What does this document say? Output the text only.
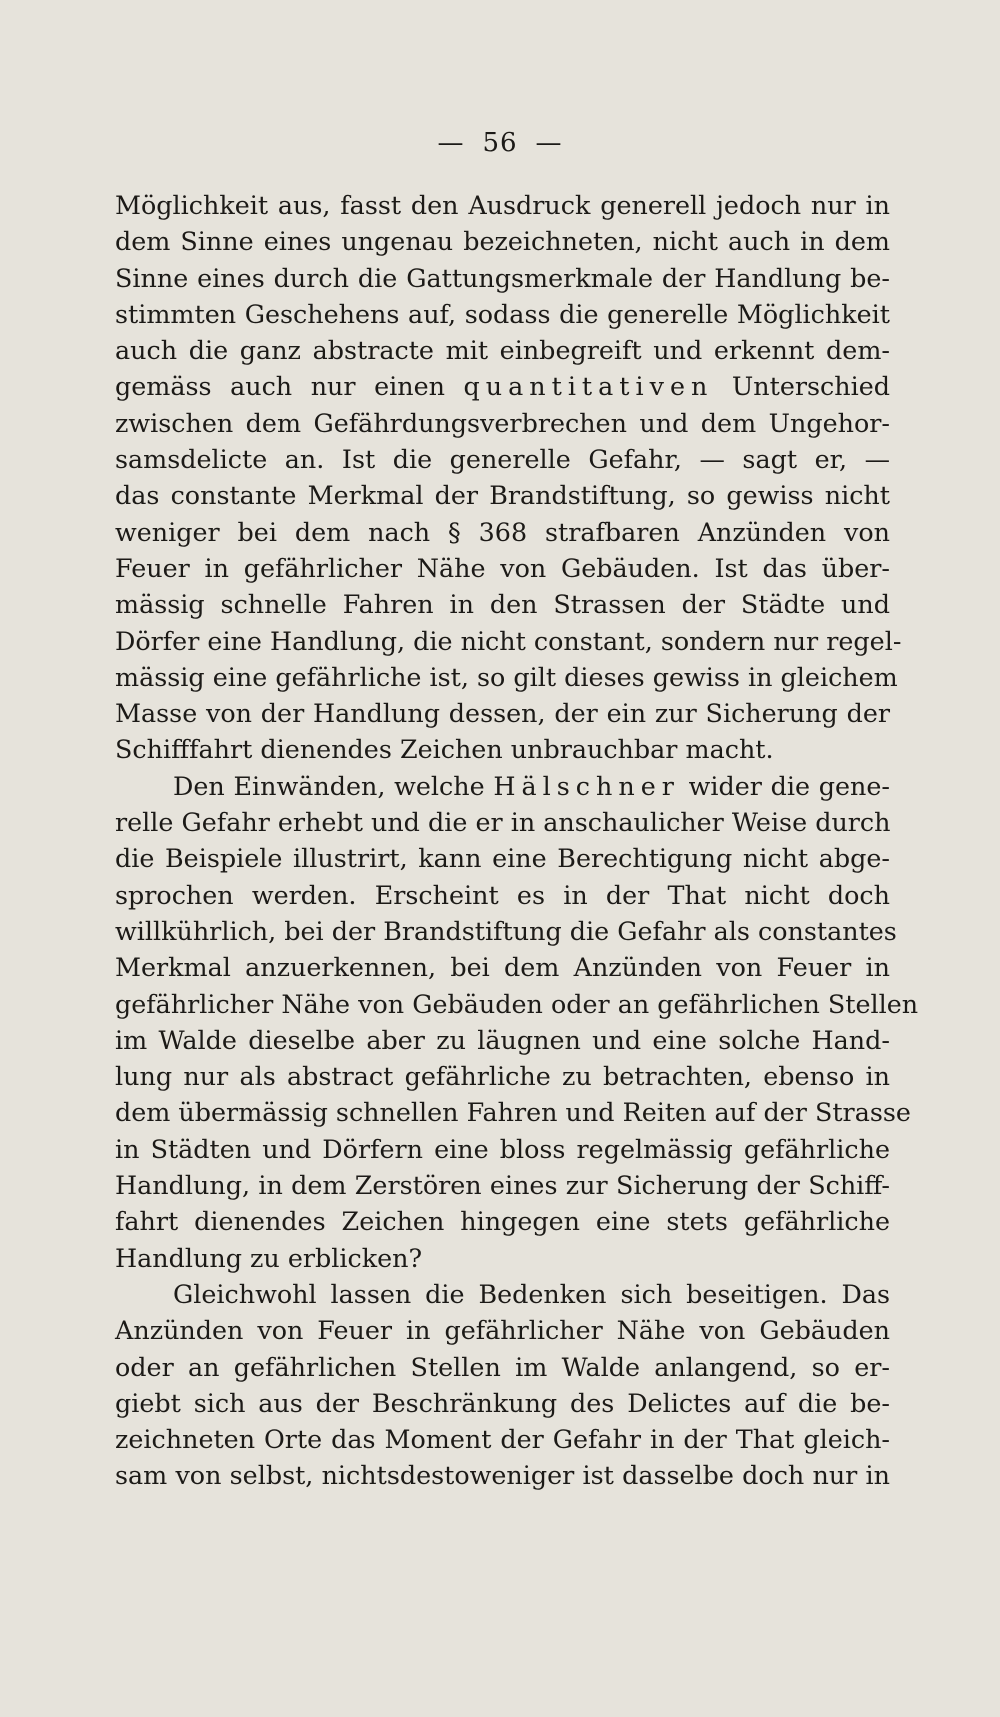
— 56 —
Möglichkeit aus, fasst den Ausdruck generell jedoch nur in
dem Sinne eines ungenau bezeichneten, nicht auch in dem
Sinne eines durch die Gattungsmerkmale der Handlung be-
stimmten Geschehens auf, sodass die generelle Möglichkeit
auch die ganz abstracte mit einbegreift und erkennt dem-
gemäss auch nur einen quantitativen Unterschied
zwischen dem Gefährdungsverbrechen und dem Ungehor-
samsdelicte an. Ist die generelle Gefahr, — sagt er, —
das constante Merkmal der Brandstiftung, so gewiss nicht
weniger bei dem nach § 368 strafbaren Anzünden von
Feuer in gefährlicher Nähe von Gebäuden. Ist das über-
mässig schnelle Fahren in den Strassen der Städte und
Dörfer eine Handlung, die nicht constant, sondern nur regel-
mässig eine gefährliche ist, so gilt dieses gewiss in gleichem
Masse von der Handlung dessen, der ein zur Sicherung der
Schifffahrt dienendes Zeichen unbrauchbar macht.
Den Einwänden, welche Hälschner wider die gene-
relle Gefahr erhebt und die er in anschaulicher Weise durch
die Beispiele illustrirt, kann eine Berechtigung nicht abge-
sprochen werden. Erscheint es in der That nicht doch
willkührlich, bei der Brandstiftung die Gefahr als constantes
Merkmal anzuerkennen, bei dem Anzünden von Feuer in
gefährlicher Nähe von Gebäuden oder an gefährlichen Stellen
im Walde dieselbe aber zu läugnen und eine solche Hand-
lung nur als abstract gefährliche zu betrachten, ebenso in
dem übermässig schnellen Fahren und Reiten auf der Strasse
in Städten und Dörfern eine bloss regelmässig gefährliche
Handlung, in dem Zerstören eines zur Sicherung der Schiff-
fahrt dienendes Zeichen hingegen eine stets gefährliche
Handlung zu erblicken?
Gleichwohl lassen die Bedenken sich beseitigen. Das
Anzünden von Feuer in gefährlicher Nähe von Gebäuden
oder an gefährlichen Stellen im Walde anlangend, so er-
giebt sich aus der Beschränkung des Delictes auf die be-
zeichneten Orte das Moment der Gefahr in der That gleich-
sam von selbst, nichtsdestoweniger ist dasselbe doch nur in
